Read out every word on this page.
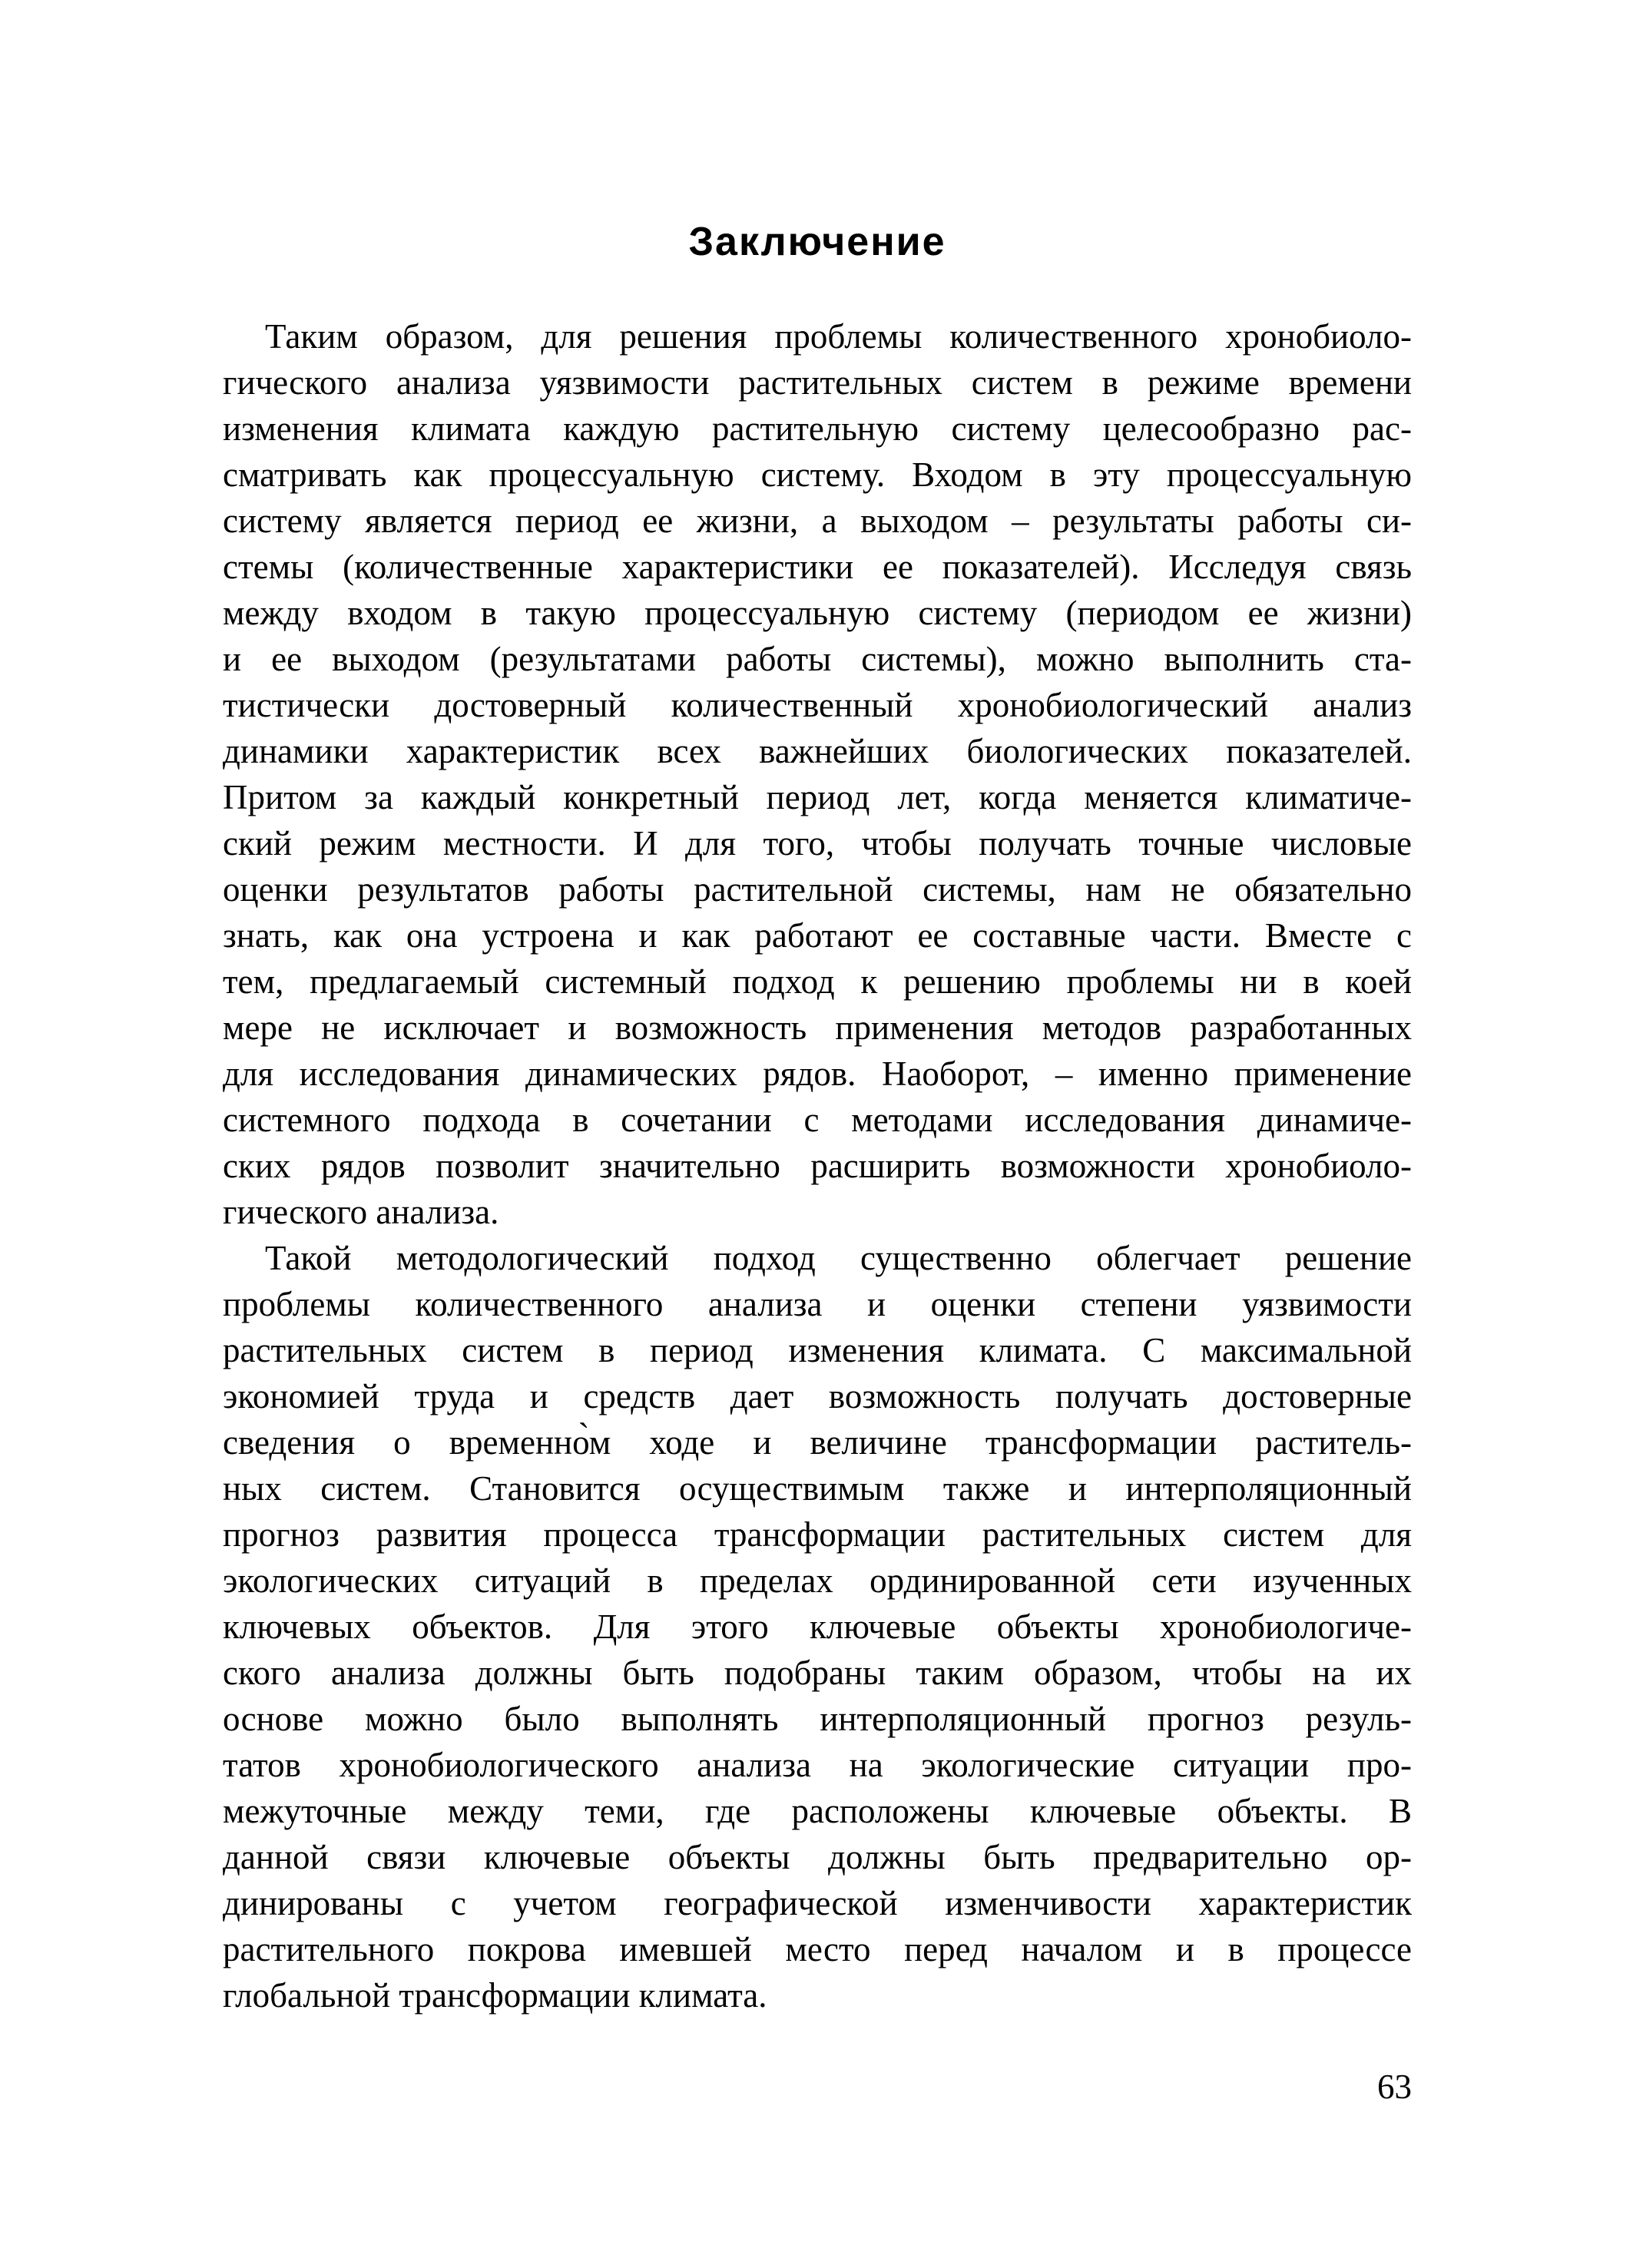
Заключение
Таким образом, для решения проблемы количественного хронобиоло-
гического анализа уязвимости растительных систем в режиме времени
изменения климата каждую растительную систему целесообразно рас-
сматривать как процессуальную систему. Входом в эту процессуальную
систему является период ее жизни, а выходом – результаты работы си-
стемы (количественные характеристики ее показателей). Исследуя связь
между входом в такую процессуальную систему (периодом ее жизни)
и ее выходом (результатами работы системы), можно выполнить ста-
тистически достоверный количественный хронобиологический анализ
динамики характеристик всех важнейших биологических показателей.
Притом за каждый конкретный период лет, когда меняется климатиче-
ский режим местности. И для того, чтобы получать точные числовые
оценки результатов работы растительной системы, нам не обязательно
знать, как она устроена и как работают ее составные части. Вместе с
тем, предлагаемый системный подход к решению проблемы ни в коей
мере не исключает и возможность применения методов разработанных
для исследования динамических рядов. Наоборот, – именно применение
системного подхода в сочетании с методами исследования динамиче-
ских рядов позволит значительно расширить возможности хронобиоло-
гического анализа.
Такой методологический подход существенно облегчает решение
проблемы количественного анализа и оценки степени уязвимости
растительных систем в период изменения климата. С максимальной
экономией труда и средств дает возможность получать достоверные
сведения о временно̀м ходе и величине трансформации раститель-
ных систем. Становится осуществимым также и интерполяционный
прогноз развития процесса трансформации растительных систем для
экологических ситуаций в пределах ординированной сети изученных
ключевых объектов. Для этого ключевые объекты хронобиологиче-
ского анализа должны быть подобраны таким образом, чтобы на их
основе можно было выполнять интерполяционный прогноз резуль-
татов хронобиологического анализа на экологические ситуации про-
межуточные между теми, где расположены ключевые объекты. В
данной связи ключевые объекты должны быть предварительно ор-
динированы с учетом географической изменчивости характеристик
растительного покрова имевшей место перед началом и в процессе
глобальной трансформации климата.
63
